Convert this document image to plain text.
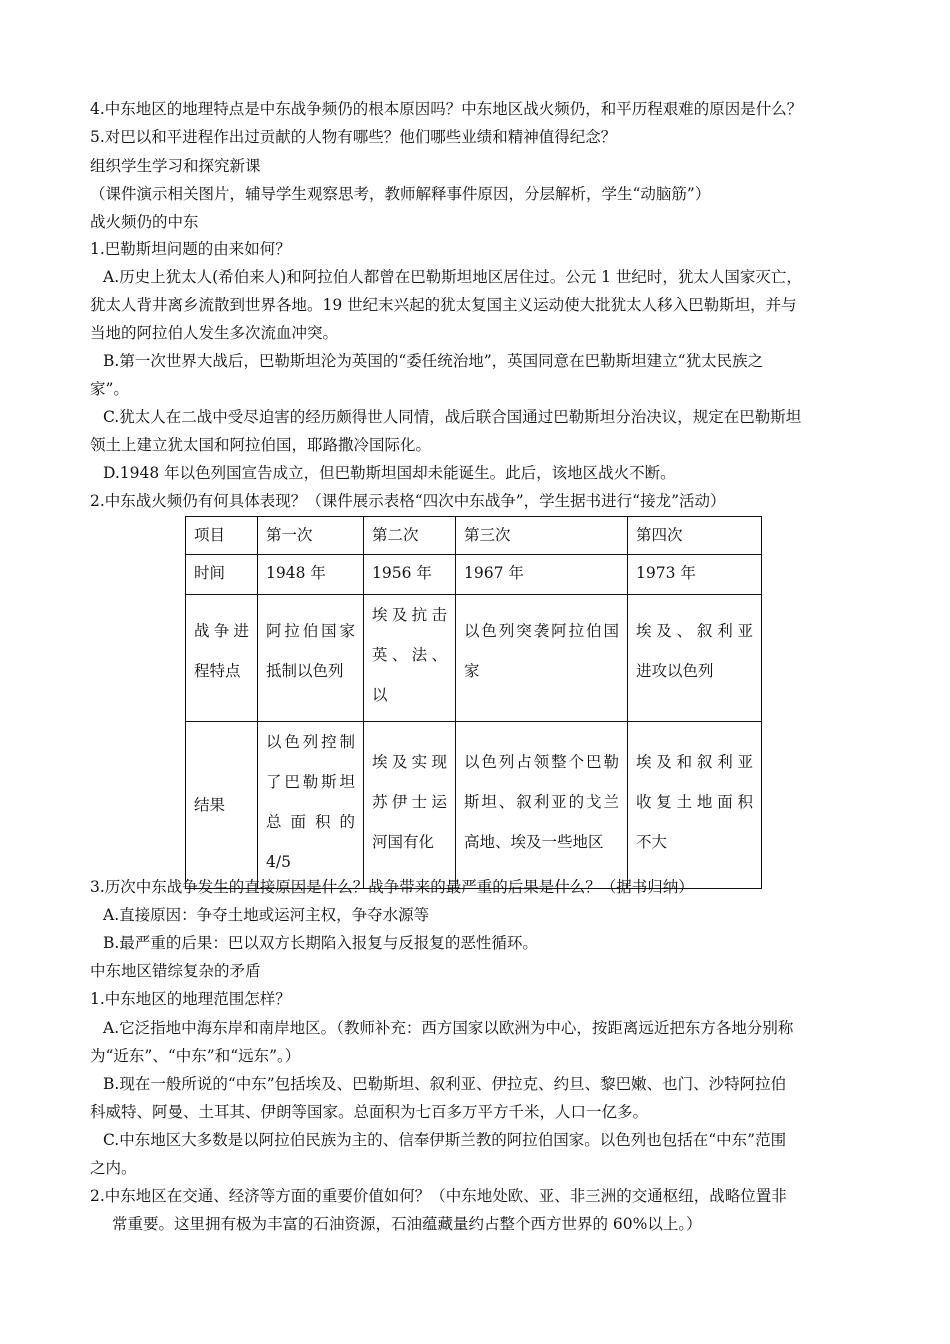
4.中东地区的地理特点是中东战争频仍的根本原因吗？中东地区战火频仍，和平历程艰难的原因是什么？
5.对巴以和平进程作出过贡献的人物有哪些？他们哪些业绩和精神值得纪念？
组织学生学习和探究新课
（课件演示相关图片，辅导学生观察思考，教师解释事件原因，分层解析，学生“动脑筋”）
战火频仍的中东
1.巴勒斯坦问题的由来如何？
A.历史上犹太人(希伯来人)和阿拉伯人都曾在巴勒斯坦地区居住过。公元 1 世纪时，犹太人国家灭亡，
犹太人背井离乡流散到世界各地。19 世纪末兴起的犹太复国主义运动使大批犹太人移入巴勒斯坦，并与
当地的阿拉伯人发生多次流血冲突。
B.第一次世界大战后，巴勒斯坦沦为英国的“委任统治地”，英国同意在巴勒斯坦建立“犹太民族之
家”。
C.犹太人在二战中受尽迫害的经历颇得世人同情，战后联合国通过巴勒斯坦分治决议，规定在巴勒斯坦
领土上建立犹太国和阿拉伯国，耶路撒冷国际化。
D.1948 年以色列国宣告成立，但巴勒斯坦国却未能诞生。此后，该地区战火不断。
2.中东战火频仍有何具体表现？（课件展示表格“四次中东战争”，学生据书进行“接龙”活动）
项目	第一次	第二次	第三次	第四次
时间	1948 年	1956 年	1967 年	1973 年

战争进
程特点	阿拉伯国家
抵制以色列	埃及抗击
英、法、
以	以色列突袭阿拉伯国
家	埃及、叙利亚
进攻以色列

结果	以色列控制
了巴勒斯坦
总 面 积 的
4/5	埃及实现
苏伊士运
河国有化	以色列占领整个巴勒
斯坦、叙利亚的戈兰
高地、埃及一些地区	埃及和叙利亚
收复土地面积
不大
3.历次中东战争发生的直接原因是什么？战争带来的最严重的后果是什么？（据书归纳）
A.直接原因：争夺土地或运河主权，争夺水源等
B.最严重的后果：巴以双方长期陷入报复与反报复的恶性循环。
中东地区错综复杂的矛盾
1.中东地区的地理范围怎样？
A.它泛指地中海东岸和南岸地区。（教师补充：西方国家以欧洲为中心，按距离远近把东方各地分别称
为“近东”、“中东”和“远东”。）
B.现在一般所说的“中东”包括埃及、巴勒斯坦、叙利亚、伊拉克、约旦、黎巴嫩、也门、沙特阿拉伯
科威特、阿曼、土耳其、伊朗等国家。总面积为七百多万平方千米，人口一亿多。
C.中东地区大多数是以阿拉伯民族为主的、信奉伊斯兰教的阿拉伯国家。以色列也包括在“中东”范围
之内。
2.中东地区在交通、经济等方面的重要价值如何？（中东地处欧、亚、非三洲的交通枢纽，战略位置非
常重要。这里拥有极为丰富的石油资源，石油蕴藏量约占整个西方世界的 60%以上。）
